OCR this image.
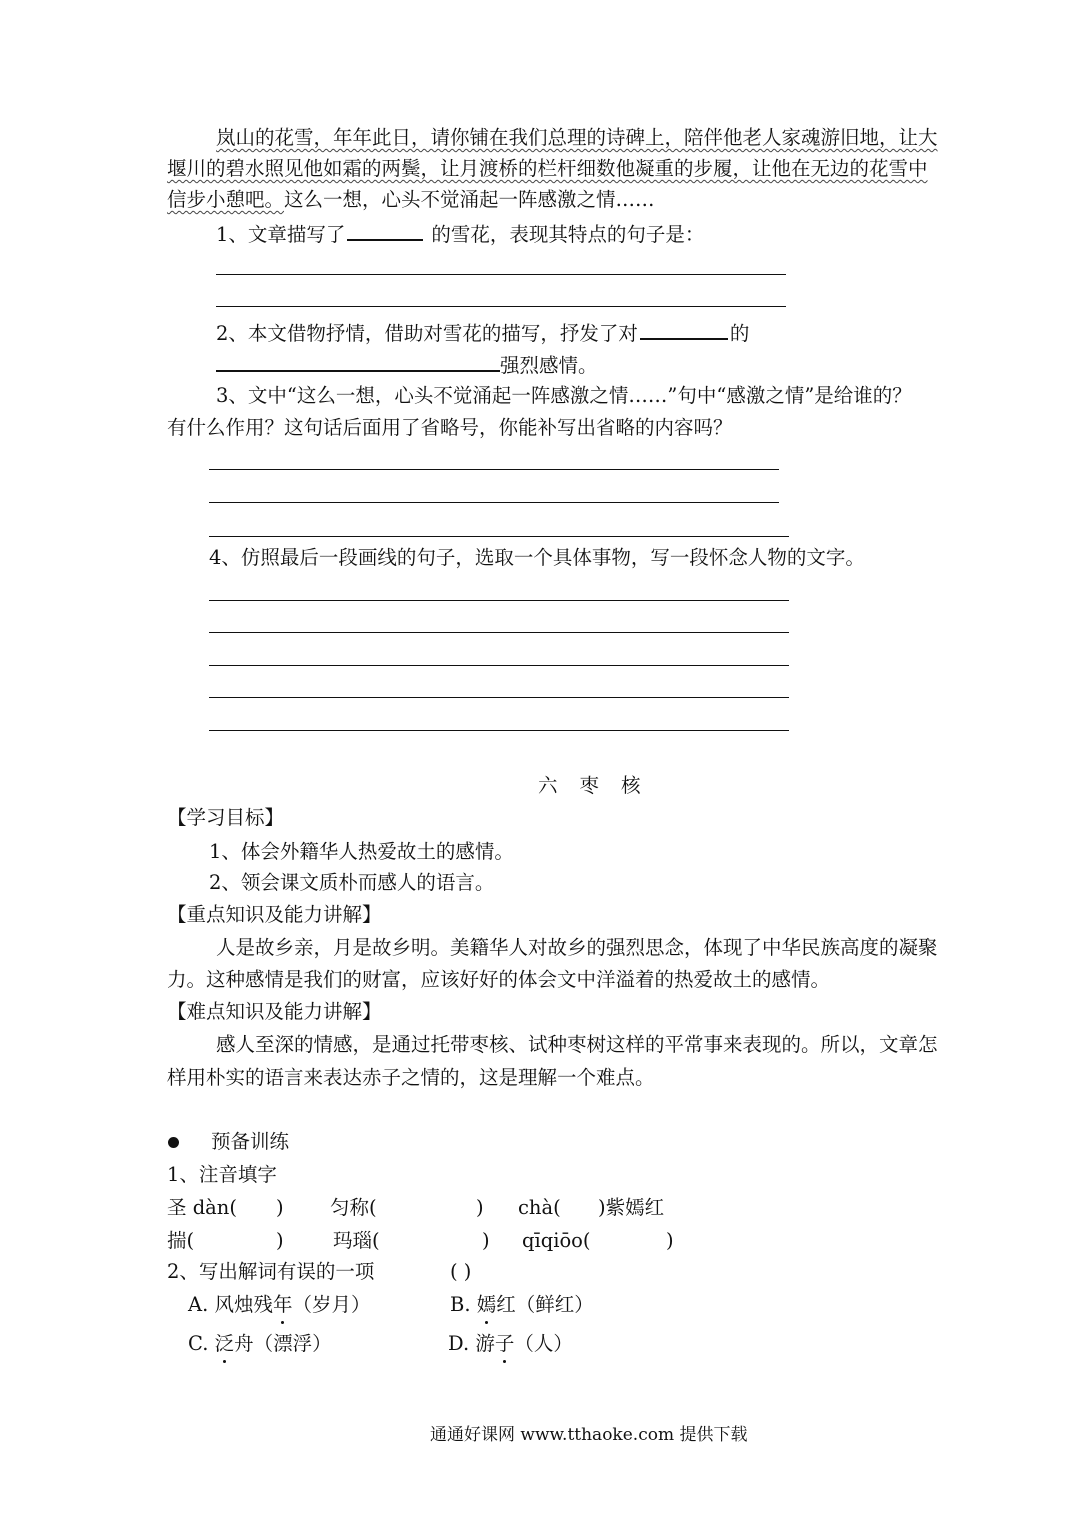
岚山的花雪，年年此日，请你铺在我们总理的诗碑上，陪伴他老人家魂游旧地，让大
堰川的碧水照见他如霜的两鬓，让月渡桥的栏杆细数他凝重的步履，让他在无边的花雪中
信步小憩吧。这么一想，心头不觉涌起一阵感激之情……
1、文章描写了	的雪花，表现其特点的句子是：
2、本文借物抒情，借助对雪花的描写，抒发了对	的
强烈感情。
3、文中“这么一想，心头不觉涌起一阵感激之情……”句中“感激之情”是给谁的？
有什么作用？这句话后面用了省略号，你能补写出省略的内容吗？
4、仿照最后一段画线的句子，选取一个具体事物，写一段怀念人物的文字。
六枣核
【学习目标】
1、体会外籍华人热爱故土的感情。
2、领会课文质朴而感人的语言。
【重点知识及能力讲解】
人是故乡亲，月是故乡明。美籍华人对故乡的强烈思念，体现了中华民族高度的凝聚
力。这种感情是我们的财富，应该好好的体会文中洋溢着的热爱故土的感情。
【难点知识及能力讲解】
感人至深的情感，是通过托带枣核、试种枣树这样的平常事来表现的。所以，文章怎
样用朴实的语言来表达赤子之情的，这是理解一个难点。
预备训练
1、注音填字
圣 dàn( ) 匀称(	) chà( )紫嫣红
揣(	)	玛瑙(	) qīqiōo(	)
2、写出解词有误的一项	( )
A. 风烛残年（岁月）	B. 嫣红（鲜红）
C. 泛舟（漂浮）	D. 游子（人）
通通好课网 www.tthaoke.com 提供下载
